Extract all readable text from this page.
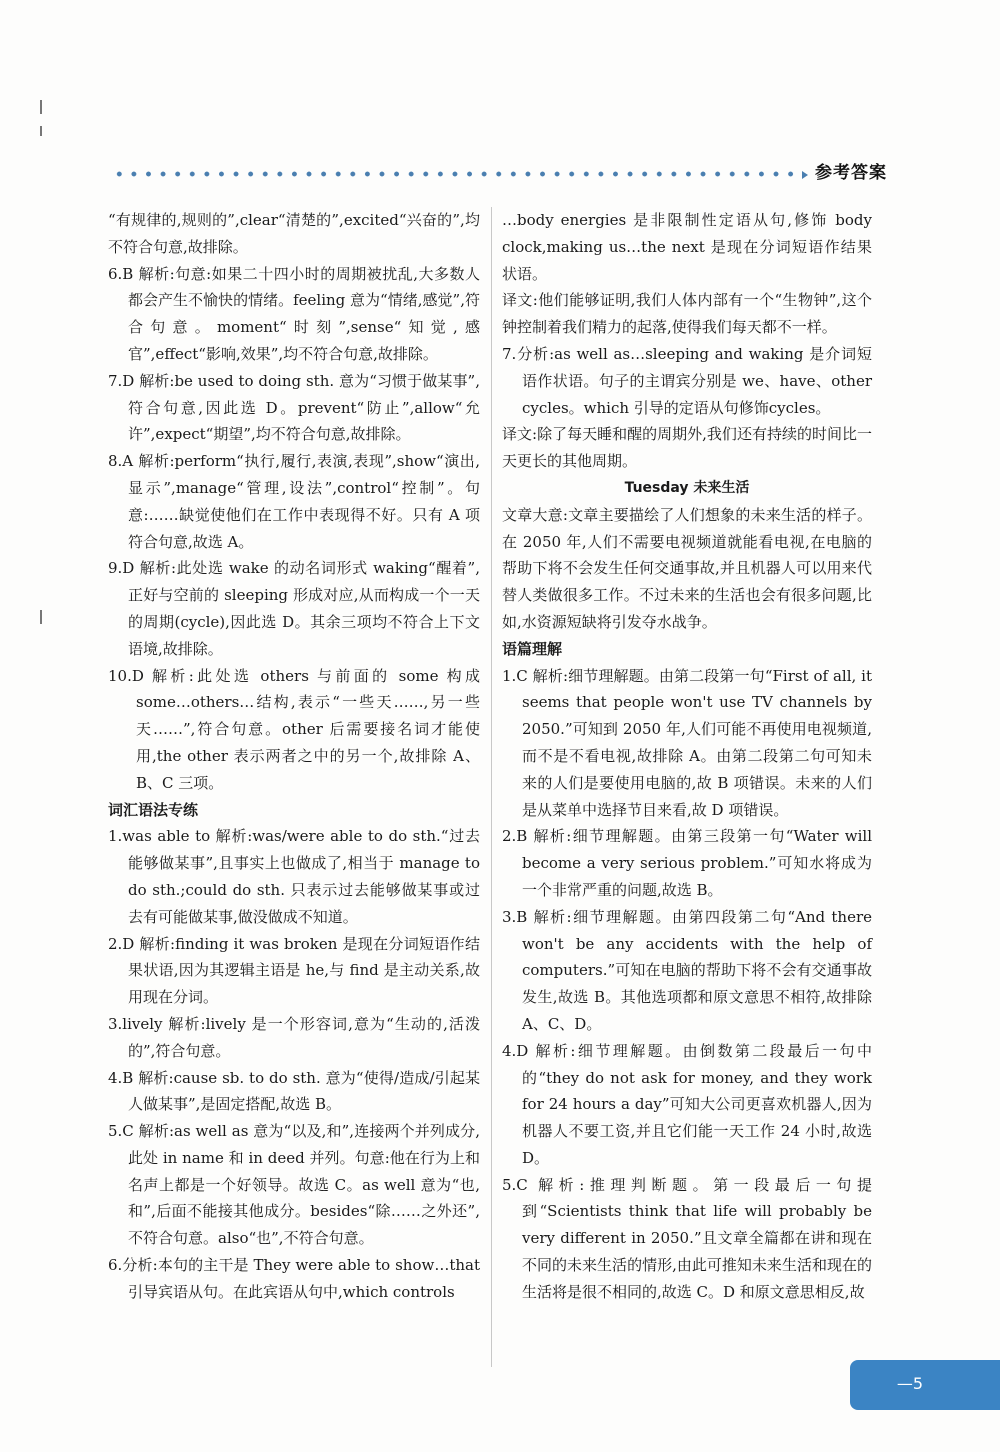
参考答案
“有规律的,规则的”,clear“清楚的”,excited“兴奋的”,均不符合句意,故排除。
6.B 解析:句意:如果二十四小时的周期被扰乱,大多数人都会产生不愉快的情绪。feeling 意为“情绪,感觉”,符合句意。moment“时刻”,sense“知觉,感官”,effect“影响,效果”,均不符合句意,故排除。
7.D 解析:be used to doing sth. 意为“习惯于做某事”,符合句意,因此选 D。prevent“防止”,allow“允许”,expect“期望”,均不符合句意,故排除。
8.A 解析:perform“执行,履行,表演,表现”,show“演出,显示”,manage“管理,设法”,control“控制”。句意:……缺觉使他们在工作中表现得不好。只有 A 项符合句意,故选 A。
9.D 解析:此处选 wake 的动名词形式 waking“醒着”,正好与空前的 sleeping 形成对应,从而构成一个一天的周期(cycle),因此选 D。其余三项均不符合上下文语境,故排除。
10.D 解析:此处选 others 与前面的 some 构成 some…others…结构,表示“一些天……,另一些天……”,符合句意。other 后需要接名词才能使用,the other 表示两者之中的另一个,故排除 A、B、C 三项。
词汇语法专练
1.was able to 解析:was/were able to do sth.“过去能够做某事”,且事实上也做成了,相当于 manage to do sth.;could do sth. 只表示过去能够做某事或过去有可能做某事,做没做成不知道。
2.D 解析:finding it was broken 是现在分词短语作结果状语,因为其逻辑主语是 he,与 find 是主动关系,故用现在分词。
3.lively 解析:lively 是一个形容词,意为“生动的,活泼的”,符合句意。
4.B 解析:cause sb. to do sth. 意为“使得/造成/引起某人做某事”,是固定搭配,故选 B。
5.C 解析:as well as 意为“以及,和”,连接两个并列成分,此处 in name 和 in deed 并列。句意:他在行为上和名声上都是一个好领导。故选 C。as well 意为“也,和”,后面不能接其他成分。besides“除……之外还”,不符合句意。also“也”,不符合句意。
6.分析:本句的主干是 They were able to show…that 引导宾语从句。在此宾语从句中,which controls
…body energies 是非限制性定语从句,修饰 body clock,making us…the next 是现在分词短语作结果状语。
译文:他们能够证明,我们人体内部有一个“生物钟”,这个钟控制着我们精力的起落,使得我们每天都不一样。
7.分析:as well as…sleeping and waking 是介词短语作状语。句子的主谓宾分别是 we、have、other cycles。which 引导的定语从句修饰cycles。
译文:除了每天睡和醒的周期外,我们还有持续的时间比一天更长的其他周期。
Tuesday 未来生活
文章大意:文章主要描绘了人们想象的未来生活的样子。在 2050 年,人们不需要电视频道就能看电视,在电脑的帮助下将不会发生任何交通事故,并且机器人可以用来代替人类做很多工作。不过未来的生活也会有很多问题,比如,水资源短缺将引发夺水战争。
语篇理解
1.C 解析:细节理解题。由第二段第一句“First of all, it seems that people won't use TV channels by 2050.”可知到 2050 年,人们可能不再使用电视频道,而不是不看电视,故排除 A。由第二段第二句可知未来的人们是要使用电脑的,故 B 项错误。未来的人们是从菜单中选择节目来看,故 D 项错误。
2.B 解析:细节理解题。由第三段第一句“Water will become a very serious problem.”可知水将成为一个非常严重的问题,故选 B。
3.B 解析:细节理解题。由第四段第二句“And there won't be any accidents with the help of computers.”可知在电脑的帮助下将不会有交通事故发生,故选 B。其他选项都和原文意思不相符,故排除 A、C、D。
4.D 解析:细节理解题。由倒数第二段最后一句中的“they do not ask for money, and they work for 24 hours a day”可知大公司更喜欢机器人,因为机器人不要工资,并且它们能一天工作 24 小时,故选 D。
5.C 解析:推理判断题。第一段最后一句提到“Scientists think that life will probably be very different in 2050.”且文章全篇都在讲和现在不同的未来生活的情形,由此可推知未来生活和现在的生活将是很不相同的,故选 C。D 和原文意思相反,故
—5
